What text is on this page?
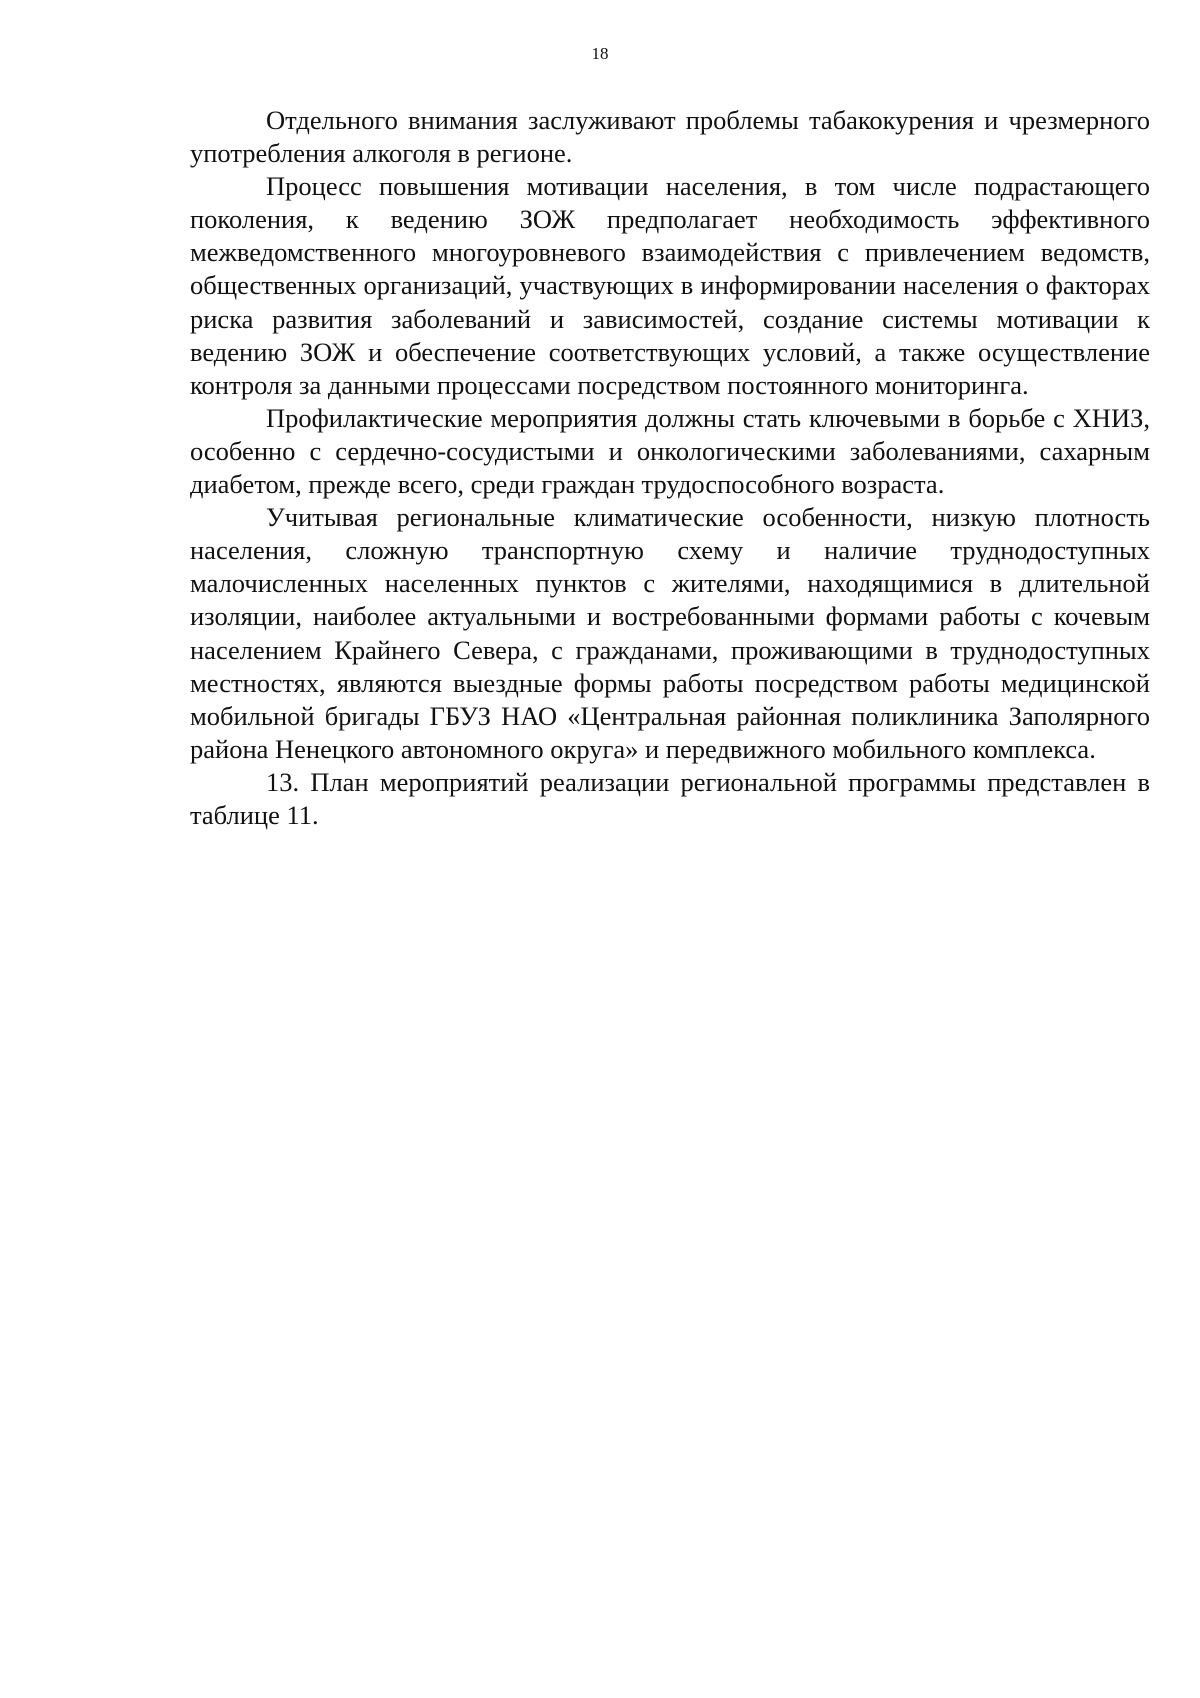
18

Отдельного внимания заслуживают проблемы табакокурения и чрезмерного употребления алкоголя в регионе.

Процесс повышения мотивации населения, в том числе подрастающего поколения, к ведению ЗОЖ предполагает необходимость эффективного межведомственного многоуровневого взаимодействия с привлечением ведомств, общественных организаций, участвующих в информировании населения о факторах риска развития заболеваний и зависимостей, создание системы мотивации к ведению ЗОЖ и обеспечение соответствующих условий, а также осуществление контроля за данными процессами посредством постоянного мониторинга.

Профилактические мероприятия должны стать ключевыми в борьбе с ХНИЗ, особенно с сердечно-сосудистыми и онкологическими заболеваниями, сахарным диабетом, прежде всего, среди граждан трудоспособного возраста.

Учитывая региональные климатические особенности, низкую плотность населения, сложную транспортную схему и наличие труднодоступных малочисленных населенных пунктов с жителями, находящимися в длительной изоляции, наиболее актуальными и востребованными формами работы с кочевым населением Крайнего Севера, с гражданами, проживающими в труднодоступных местностях, являются выездные формы работы посредством работы медицинской мобильной бригады ГБУЗ НАО «Центральная районная поликлиника Заполярного района Ненецкого автономного округа» и передвижного мобильного комплекса.

13. План мероприятий реализации региональной программы представлен в таблице 11.
